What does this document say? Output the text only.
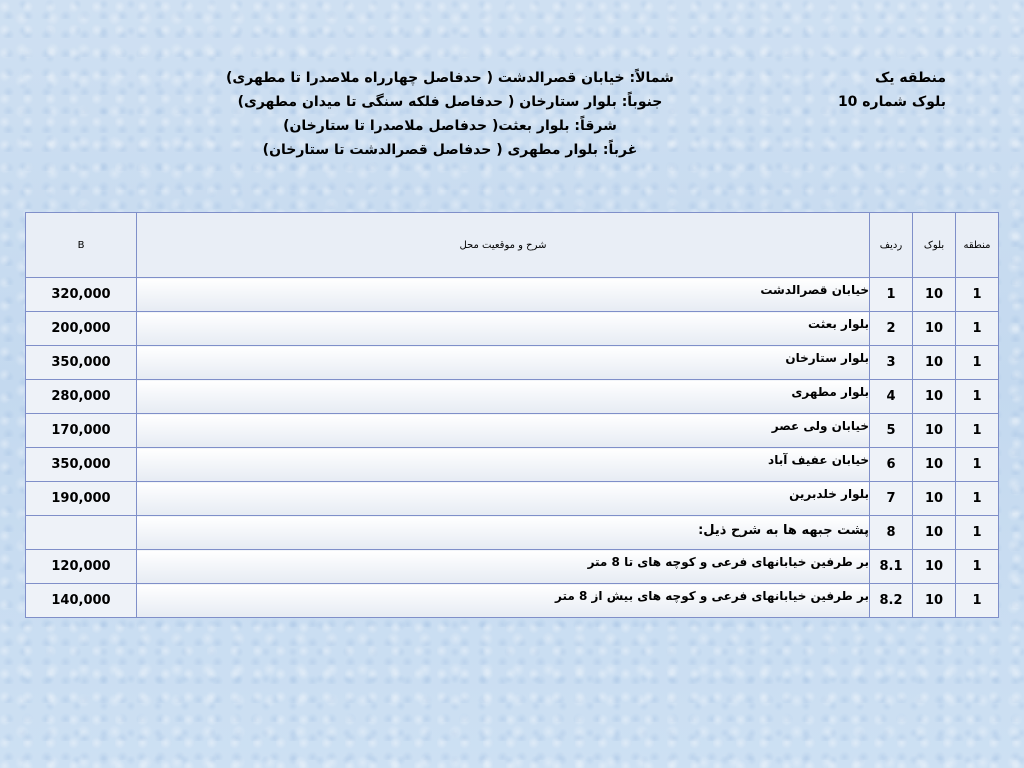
منطقه یک
بلوک شماره 10
شمالاً: خیابان قصرالدشت ( حدفاصل چهارراه ملاصدرا تا مطهری)
جنوباً: بلوار ستارخان ( حدفاصل فلکه سنگی تا میدان مطهری)
شرقاً: بلوار بعثت( حدفاصل ملاصدرا تا ستارخان)
غرباً: بلوار مطهری ( حدفاصل قصرالدشت تا ستارخان)
B	شرح و موقعیت محل	ردیف	بلوک	منطقه
320,000	خیابان قصرالدشت	1	10	1
200,000	بلوار بعثت	2	10	1
350,000	بلوار ستارخان	3	10	1
280,000	بلوار مطهری	4	10	1
170,000	خیابان ولی عصر	5	10	1
350,000	خیابان عفیف آباد	6	10	1
190,000	بلوار خلدبرین	7	10	1
	پشت جبهه ها به شرح ذیل:	8	10	1
120,000	بر طرفین خیابانهای فرعی و کوچه های تا 8 متر	8.1	10	1
140,000	بر طرفین خیابانهای فرعی و کوچه های بیش از 8 متر	8.2	10	1
